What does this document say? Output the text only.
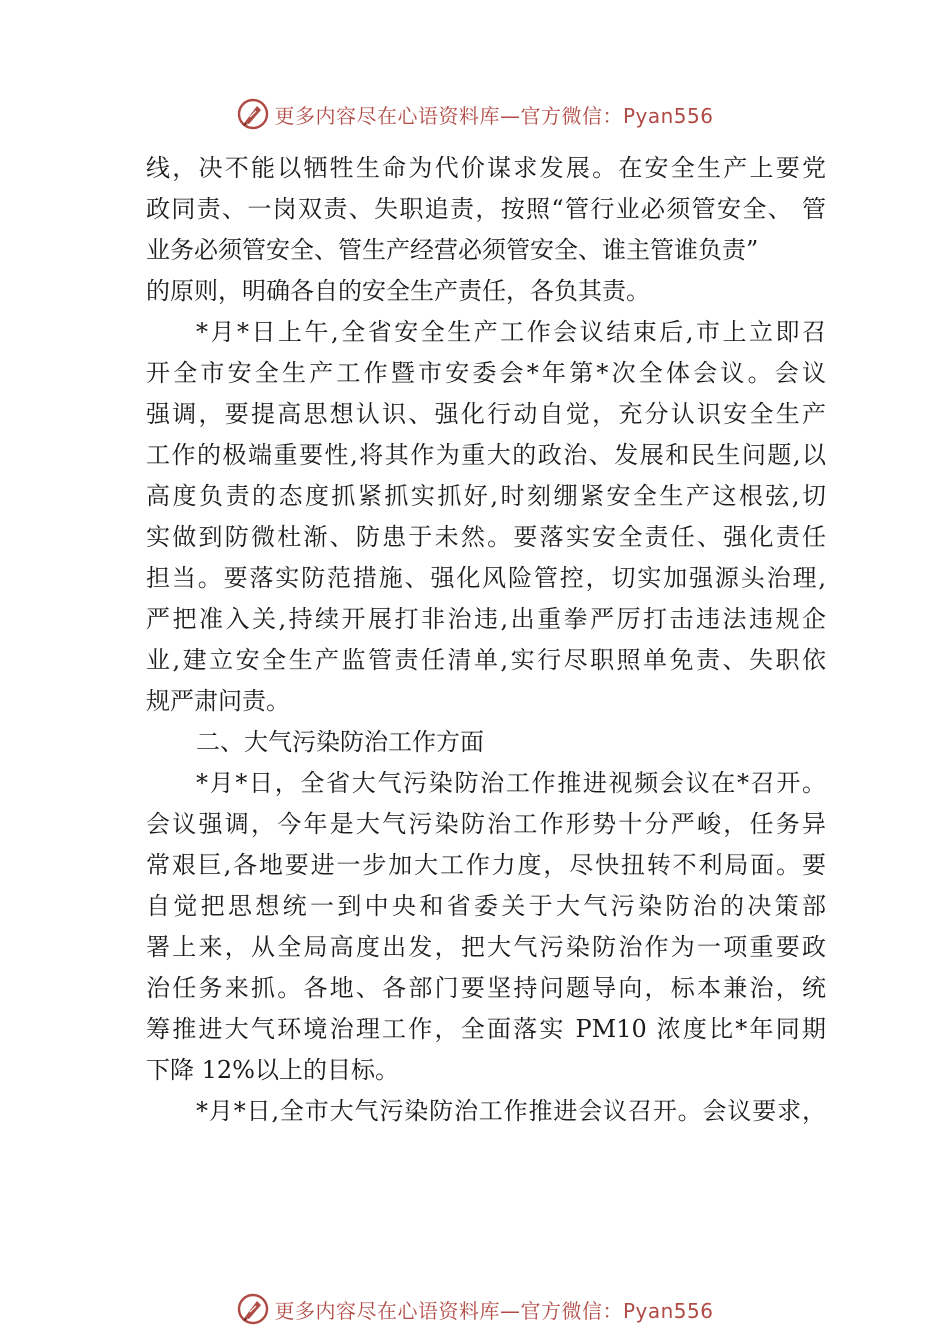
更多内容尽在心语资料库—官方微信：Pyan556
线，决不能以牺牲生命为代价谋求发展。在安全生产上要党
政同责、一岗双责、失职追责，按照“管行业必须管安全、 管
业务必须管安全、管生产经营必须管安全、谁主管谁负责”
的原则，明确各自的安全生产责任，各负其责。
*月*日上午,全省安全生产工作会议结束后,市上立即召
开全市安全生产工作暨市安委会*年第*次全体会议。会议
强调，要提高思想认识、强化行动自觉，充分认识安全生产
工作的极端重要性,将其作为重大的政治、发展和民生问题,以
高度负责的态度抓紧抓实抓好,时刻绷紧安全生产这根弦,切
实做到防微杜渐、防患于未然。要落实安全责任、强化责任
担当。要落实防范措施、强化风险管控，切实加强源头治理,
严把准入关,持续开展打非治违,出重拳严厉打击违法违规企
业,建立安全生产监管责任清单,实行尽职照单免责、失职依
规严肃问责。
二、大气污染防治工作方面
*月*日，全省大气污染防治工作推进视频会议在*召开。
会议强调，今年是大气污染防治工作形势十分严峻，任务异
常艰巨,各地要进一步加大工作力度，尽快扭转不利局面。要
自觉把思想统一到中央和省委关于大气污染防治的决策部
署上来，从全局高度出发，把大气污染防治作为一项重要政
治任务来抓。各地、各部门要坚持问题导向，标本兼治，统
筹推进大气环境治理工作，全面落实 PM10 浓度比*年同期
下降 12%以上的目标。
*月*日,全市大气污染防治工作推进会议召开。会议要求，
更多内容尽在心语资料库—官方微信：Pyan556
